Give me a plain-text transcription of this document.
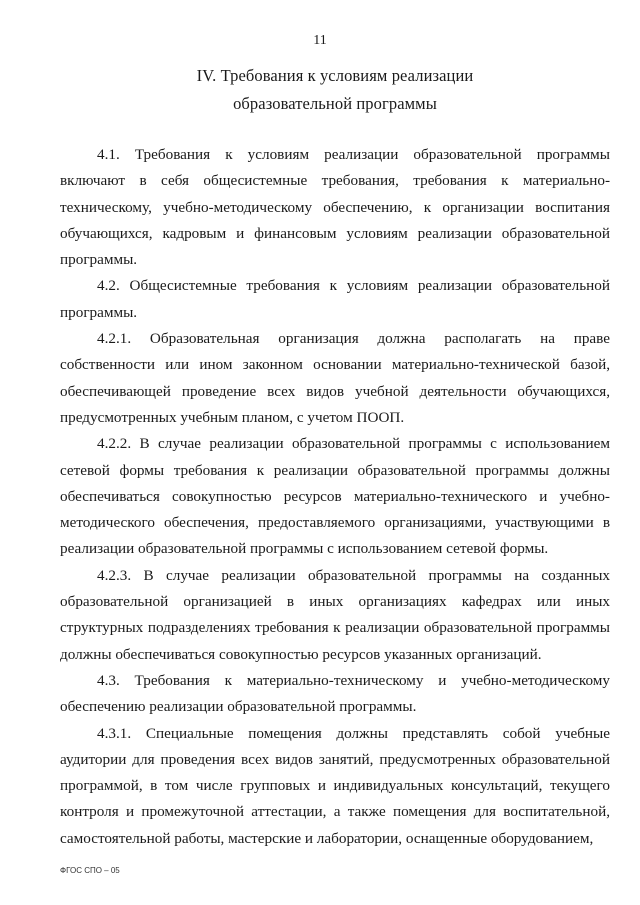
11
IV. Требования к условиям реализации
образовательной программы

4.1. Требования к условиям реализации образовательной программы включают в себя общесистемные требования, требования к материально-техническому, учебно-методическому обеспечению, к организации воспитания обучающихся, кадровым и финансовым условиям реализации образовательной программы.

4.2. Общесистемные требования к условиям реализации образовательной программы.

4.2.1. Образовательная организация должна располагать на праве собственности или ином законном основании материально-технической базой, обеспечивающей проведение всех видов учебной деятельности обучающихся, предусмотренных учебным планом, с учетом ПООП.

4.2.2. В случае реализации образовательной программы с использованием сетевой формы требования к реализации образовательной программы должны обеспечиваться совокупностью ресурсов материально-технического и учебно-методического обеспечения, предоставляемого организациями, участвующими в реализации образовательной программы с использованием сетевой формы.

4.2.3. В случае реализации образовательной программы на созданных образовательной организацией в иных организациях кафедрах или иных структурных подразделениях требования к реализации образовательной программы должны обеспечиваться совокупностью ресурсов указанных организаций.

4.3. Требования к материально-техническому и учебно-методическому обеспечению реализации образовательной программы.

4.3.1. Специальные помещения должны представлять собой учебные аудитории для проведения всех видов занятий, предусмотренных образовательной программой, в том числе групповых и индивидуальных консультаций, текущего контроля и промежуточной аттестации, а также помещения для воспитательной, самостоятельной работы, мастерские и лаборатории, оснащенные оборудованием,

ФГОС СПО – 05
